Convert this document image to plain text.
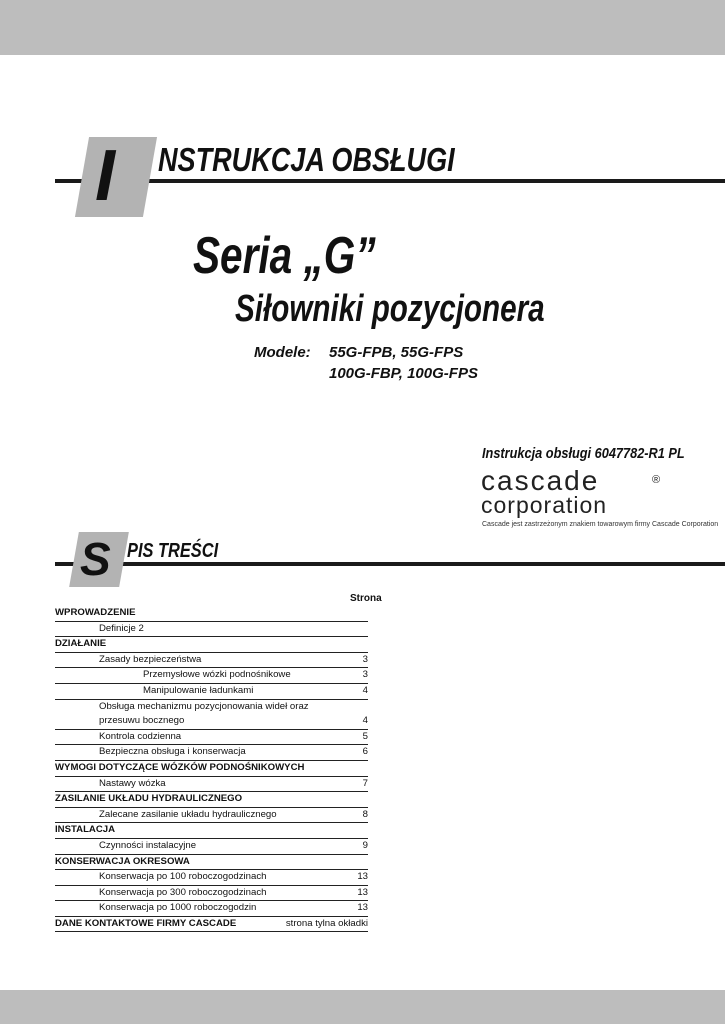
I NSTRUKCJA OBSŁUGI
Seria „G”
Siłowniki pozycjonera
Modele: 55G-FPB, 55G-FPS
100G-FBP, 100G-FPS
Instrukcja obsługi 6047782-R1 PL
cascade
corporation
®
Cascade jest zastrzeżonym znakiem towarowym firmy Cascade Corporation
S PIS TREŚCI
Strona
WPROWADZENIE
Definicje 2
DZIAŁANIE
Zasady bezpieczeństwa	3
Przemysłowe wózki podnośnikowe	3
Manipulowanie ładunkami	4
Obsługa mechanizmu pozycjonowania wideł oraz
przesuwu bocznego	4
Kontrola codzienna	5
Bezpieczna obsługa i konserwacja	6
WYMOGI DOTYCZĄCE WÓZKÓW PODNOŚNIKOWYCH
Nastawy wózka	7
ZASILANIE UKŁADU HYDRAULICZNEGO
Zalecane zasilanie układu hydraulicznego	8
INSTALACJA
Czynności instalacyjne	9
KONSERWACJA OKRESOWA
Konserwacja po 100 roboczogodzinach	13
Konserwacja po 300 roboczogodzinach	13
Konserwacja po 1000 roboczogodzin	13
DANE KONTAKTOWE FIRMY CASCADE	strona tylna okładki
